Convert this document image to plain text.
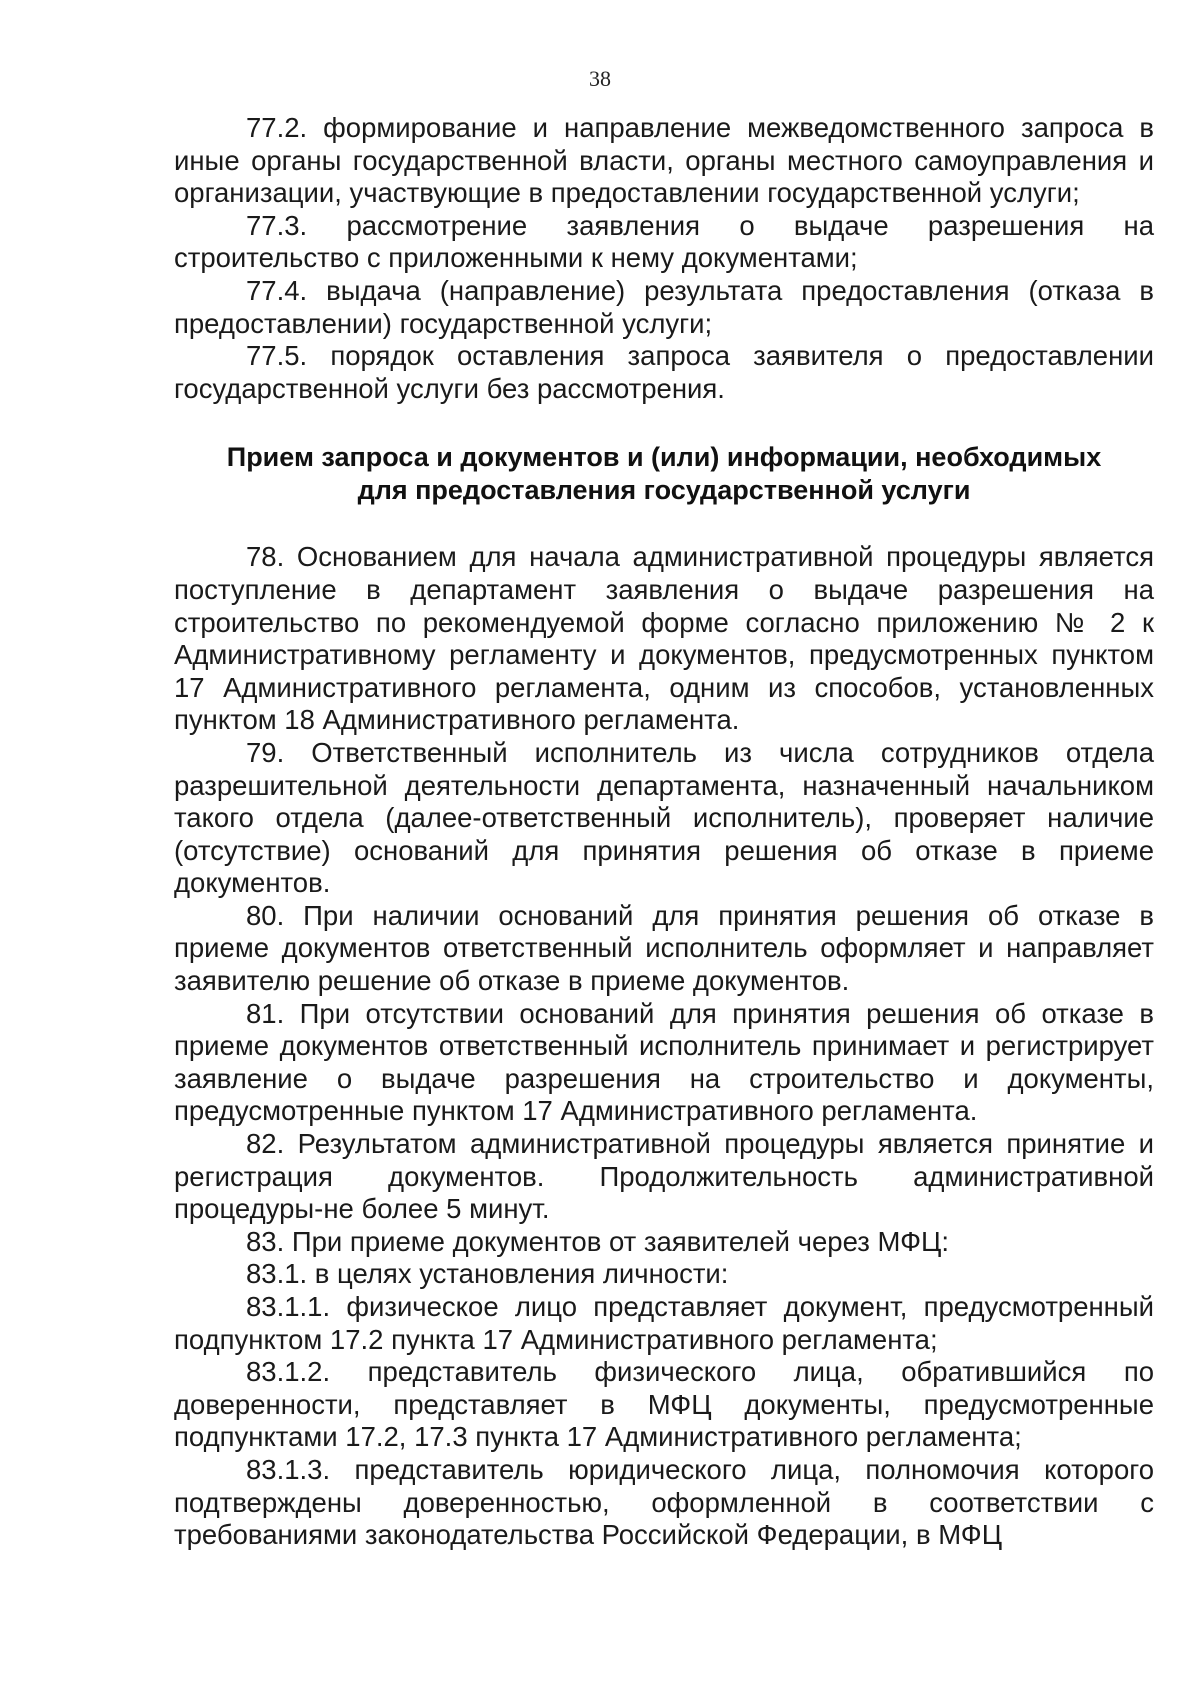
38

77.2. формирование и направление межведомственного запроса в иные органы государственной власти, органы местного самоуправления и организации, участвующие в предоставлении государственной услуги;

77.3. рассмотрение заявления о выдаче разрешения на строительство с приложенными к нему документами;

77.4. выдача (направление) результата предоставления (отказа в предоставлении) государственной услуги;

77.5. порядок оставления запроса заявителя о предоставлении государственной услуги без рассмотрения.

Прием запроса и документов и (или) информации, необходимых
для предоставления государственной услуги

78. Основанием для начала административной процедуры является поступление в департамент заявления о выдаче разрешения на строительство по рекомендуемой форме согласно приложению № 2 к Административному регламенту и документов, предусмотренных пунктом 17 Административного регламента, одним из способов, установленных пунктом 18 Административного регламента.

79. Ответственный исполнитель из числа сотрудников отдела разрешительной деятельности департамента, назначенный начальником такого отдела (далее-ответственный исполнитель), проверяет наличие (отсутствие) оснований для принятия решения об отказе в приеме документов.

80. При наличии оснований для принятия решения об отказе в приеме документов ответственный исполнитель оформляет и направляет заявителю решение об отказе в приеме документов.

81. При отсутствии оснований для принятия решения об отказе в приеме документов ответственный исполнитель принимает и регистрирует заявление о выдаче разрешения на строительство и документы, предусмотренные пунктом 17 Административного регламента.

82. Результатом административной процедуры является принятие и регистрация документов. Продолжительность административной процедуры-не более 5 минут.

83. При приеме документов от заявителей через МФЦ:

83.1. в целях установления личности:

83.1.1. физическое лицо представляет документ, предусмотренный подпунктом 17.2 пункта 17 Административного регламента;

83.1.2. представитель физического лица, обратившийся по доверенности, представляет в МФЦ документы, предусмотренные подпунктами 17.2, 17.3 пункта 17 Административного регламента;

83.1.3. представитель юридического лица, полномочия которого подтверждены доверенностью, оформленной в соответствии с требованиями законодательства Российской Федерации, в МФЦ
